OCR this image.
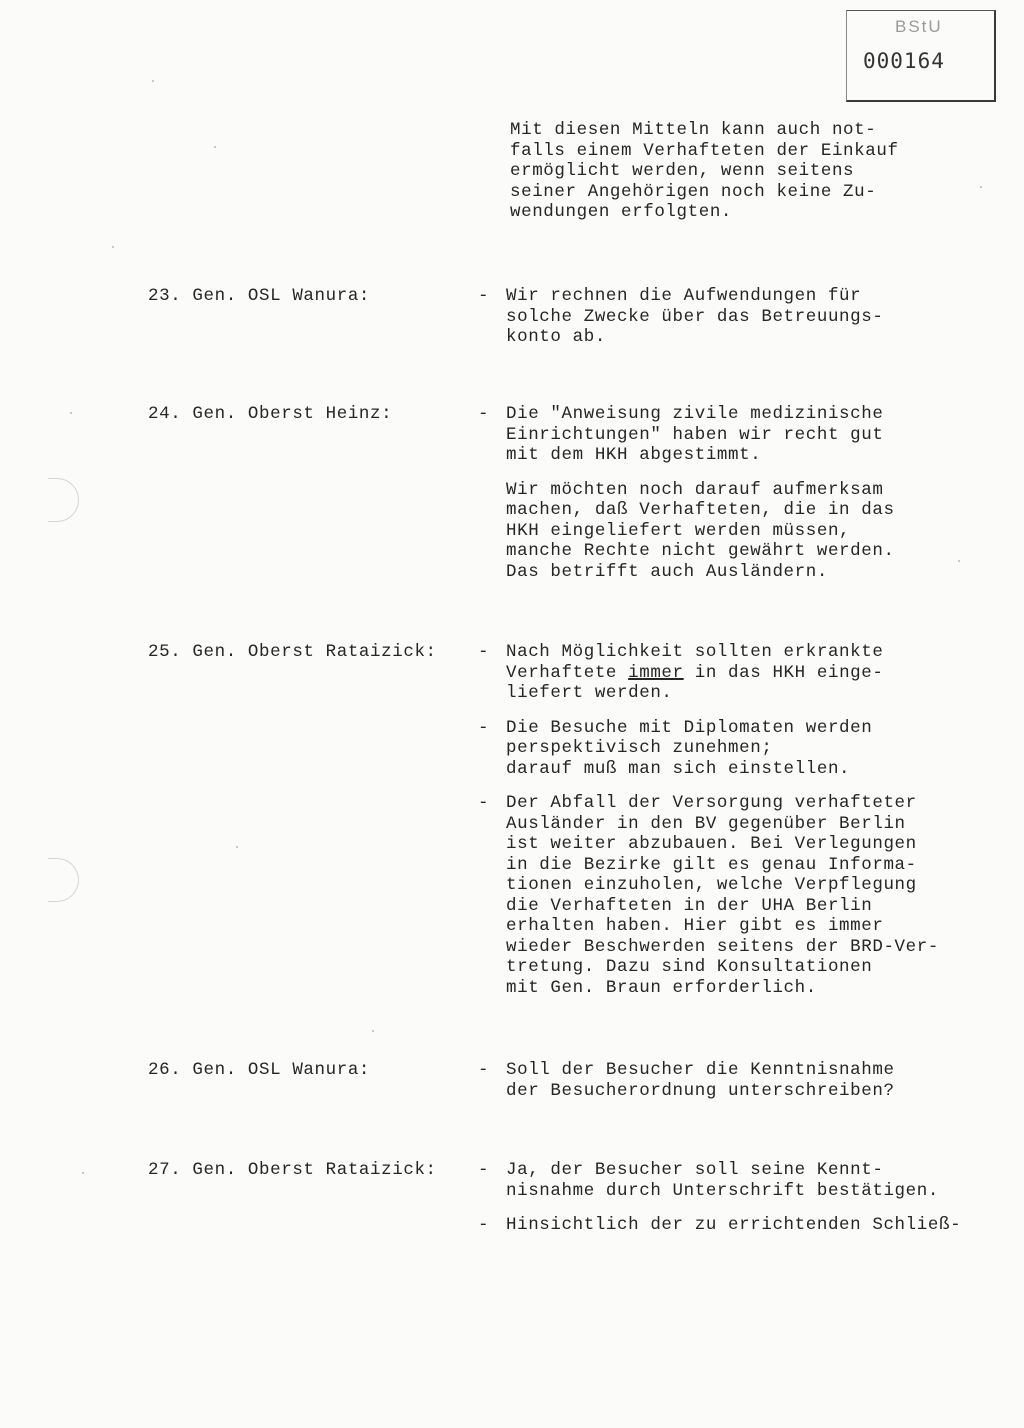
BStU
000164
Mit diesen Mitteln kann auch not-
falls einem Verhafteten der Einkauf
ermöglicht werden, wenn seitens
seiner Angehörigen noch keine Zu-
wendungen erfolgten.
23. Gen. OSL Wanura:	- Wir rechnen die Aufwendungen für
solche Zwecke über das Betreuungs-
konto ab.
24. Gen. Oberst Heinz:	- Die "Anweisung zivile medizinische
Einrichtungen" haben wir recht gut
mit dem HKH abgestimmt.
Wir möchten noch darauf aufmerksam
machen, daß Verhafteten, die in das
HKH eingeliefert werden müssen,
manche Rechte nicht gewährt werden.
Das betrifft auch Ausländern.
25. Gen. Oberst Rataizick: - Nach Möglichkeit sollten erkrankte
Verhaftete immer in das HKH einge-
liefert werden.
- Die Besuche mit Diplomaten werden
perspektivisch zunehmen;
darauf muß man sich einstellen.
- Der Abfall der Versorgung verhafteter
Ausländer in den BV gegenüber Berlin
ist weiter abzubauen. Bei Verlegungen
in die Bezirke gilt es genau Informa-
tionen einzuholen, welche Verpflegung
die Verhafteten in der UHA Berlin
erhalten haben. Hier gibt es immer
wieder Beschwerden seitens der BRD-Ver-
tretung. Dazu sind Konsultationen
mit Gen. Braun erforderlich.
26. Gen. OSL Wanura:	- Soll der Besucher die Kenntnisnahme
der Besucherordnung unterschreiben?
27. Gen. Oberst Rataizick: - Ja, der Besucher soll seine Kennt-
nisnahme durch Unterschrift bestätigen.
- Hinsichtlich der zu errichtenden Schließ-
